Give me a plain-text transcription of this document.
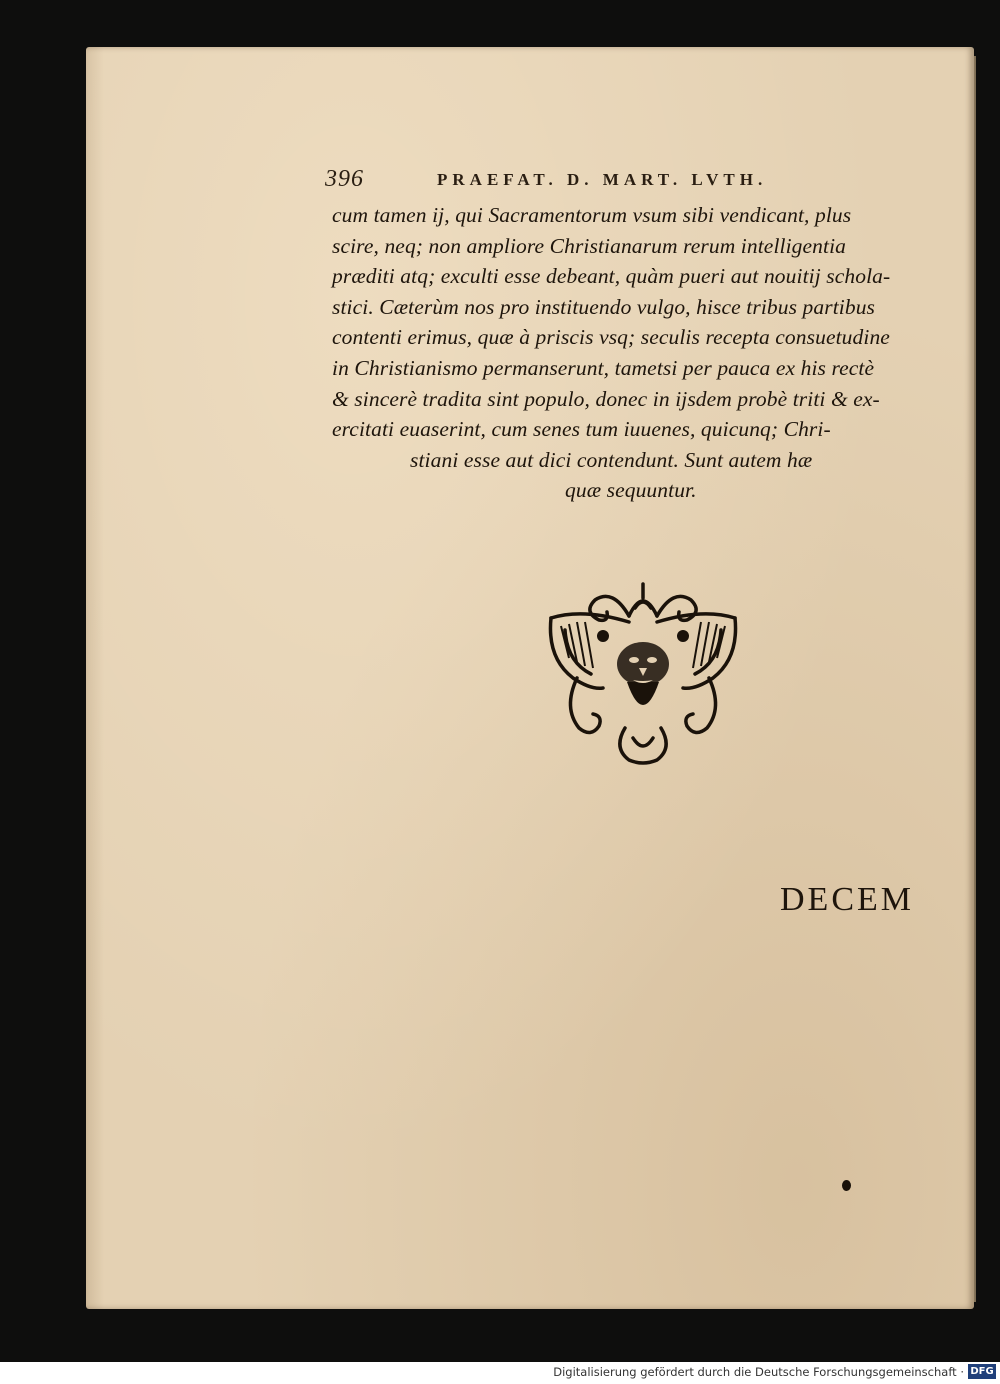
396	PRAEFAT. D. MART. LVTH.
cum tamen ij, qui Sacramentorum vsum sibi vendicant, plus
scire, neq; non ampliore Christianarum rerum intelligentia
præditi atq; exculti esse debeant, quàm pueri aut nouitij schola-
stici. Cæterùm nos pro instituendo vulgo, hisce tribus partibus
contenti erimus, quæ à priscis vsq; seculis recepta consuetudine
in Christianismo permanserunt, tametsi per pauca ex his rectè
& sincerè tradita sint populo, donec in ijsdem probè triti & ex-
ercitati euaserint, cum senes tum iuuenes, quicunq; Chri-
stiani esse aut dici contendunt. Sunt autem hæ
quæ sequuntur.
DECEM
Digitalisierung gefördert durch die Deutsche Forschungsgemeinschaft · DFG
